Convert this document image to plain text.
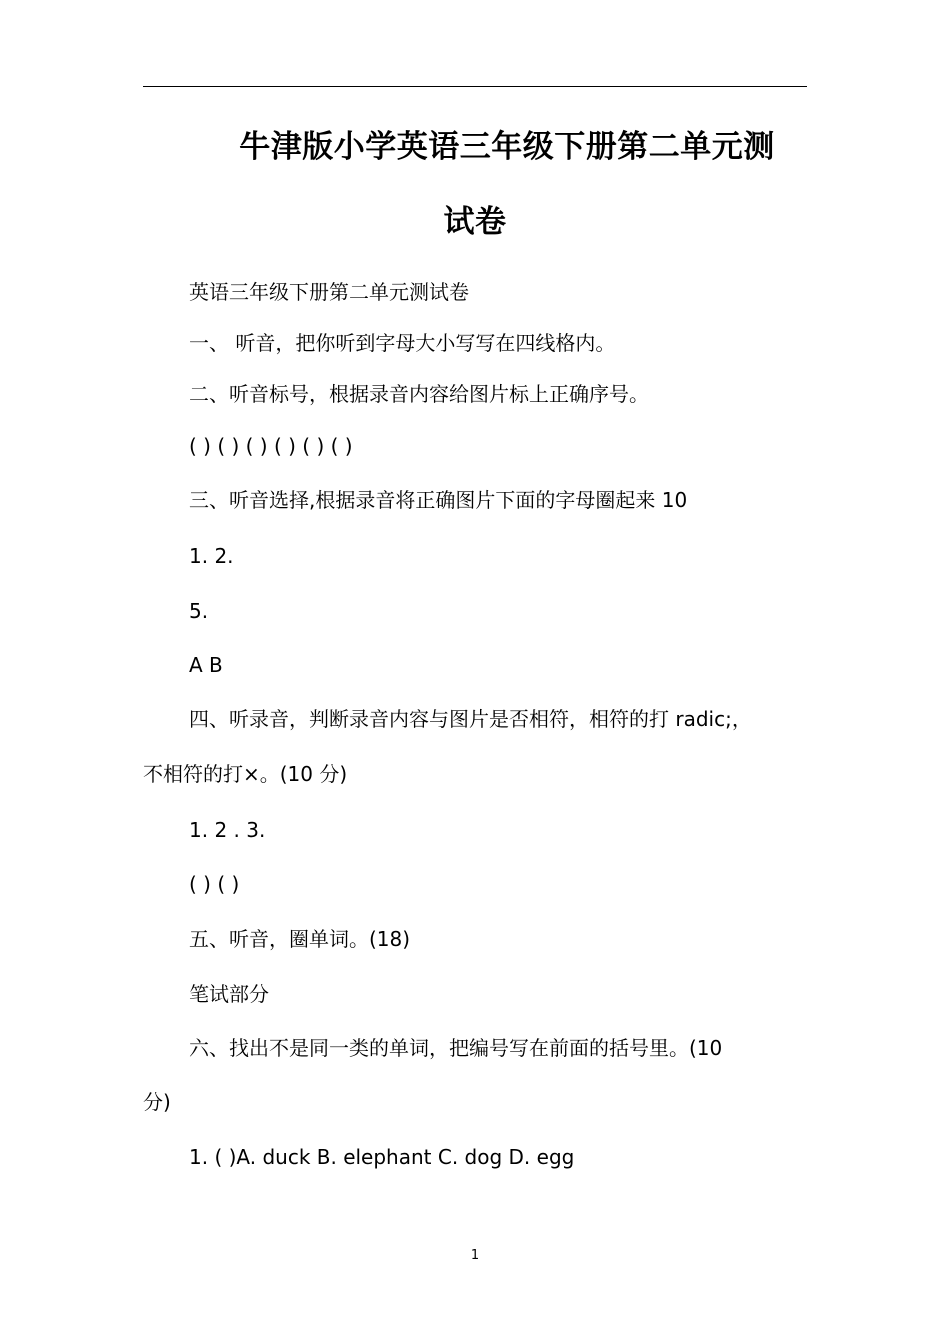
牛津版小学英语三年级下册第二单元测
试卷
英语三年级下册第二单元测试卷
一、 听音，把你听到字母大小写写在四线格内。
二、听音标号，根据录音内容给图片标上正确序号。
( ) ( ) ( ) ( ) ( ) ( )
三、听音选择,根据录音将正确图片下面的字母圈起来 10
1. 2.
5.
A B
四、听录音，判断录音内容与图片是否相符，相符的打 radic;，
不相符的打×。(10 分)
1. 2 . 3.
( ) ( )
五、听音，圈单词。(18)
笔试部分
六、找出不是同一类的单词，把编号写在前面的括号里。(10
分)
1. ( )A. duck B. elephant C. dog D. egg
1
